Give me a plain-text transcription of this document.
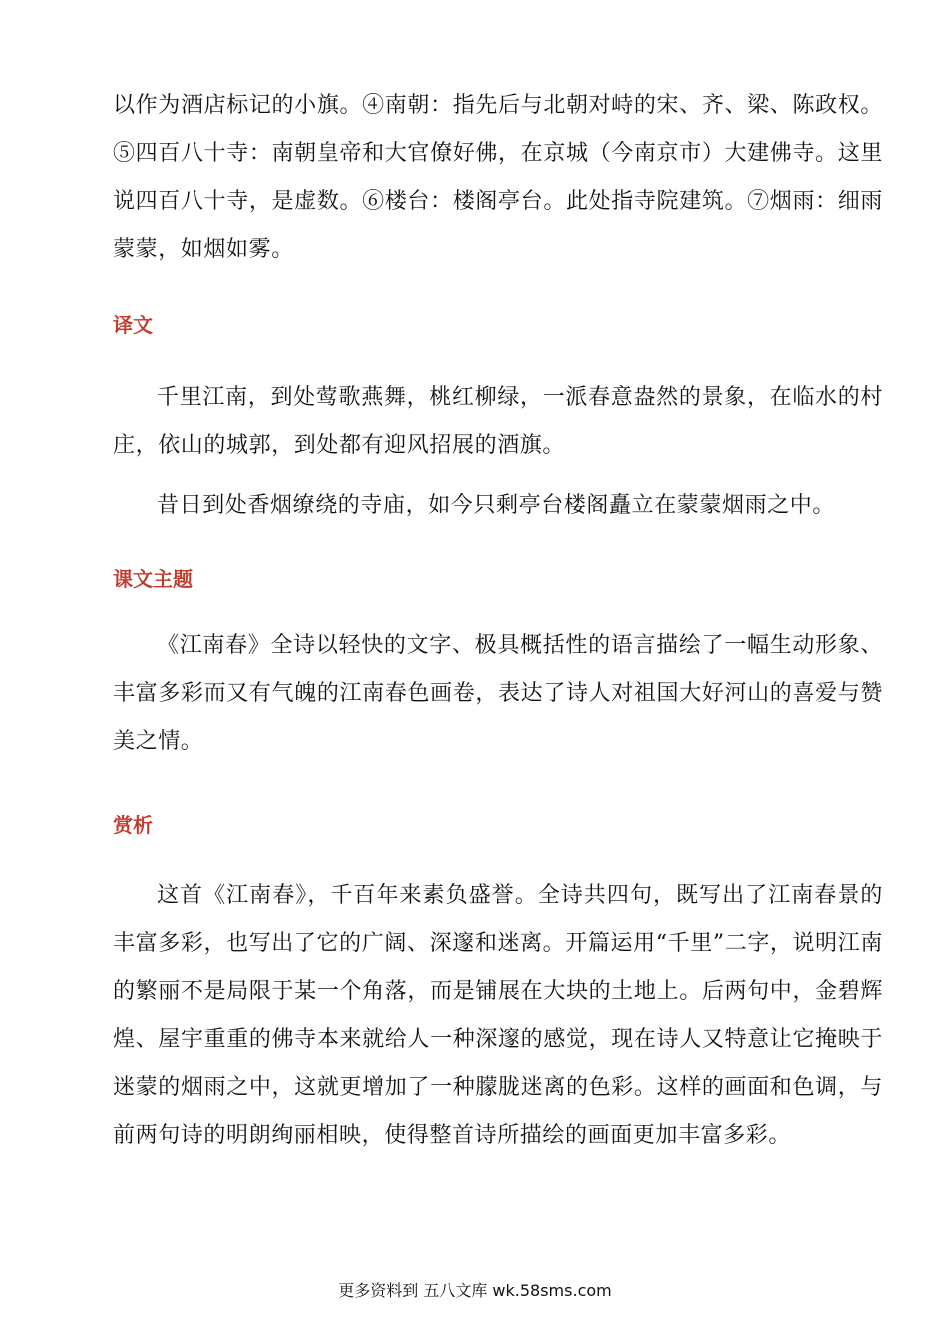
以作为酒店标记的小旗。④南朝：指先后与北朝对峙的宋、齐、梁、陈政权。⑤四百八十寺：南朝皇帝和大官僚好佛，在京城（今南京市）大建佛寺。这里说四百八十寺，是虚数。⑥楼台：楼阁亭台。此处指寺院建筑。⑦烟雨：细雨蒙蒙，如烟如雾。

译文

千里江南，到处莺歌燕舞，桃红柳绿，一派春意盎然的景象，在临水的村庄，依山的城郭，到处都有迎风招展的酒旗。

昔日到处香烟缭绕的寺庙，如今只剩亭台楼阁矗立在蒙蒙烟雨之中。

课文主题

《江南春》全诗以轻快的文字、极具概括性的语言描绘了一幅生动形象、丰富多彩而又有气魄的江南春色画卷，表达了诗人对祖国大好河山的喜爱与赞美之情。

赏析

这首《江南春》，千百年来素负盛誉。全诗共四句，既写出了江南春景的丰富多彩，也写出了它的广阔、深邃和迷离。开篇运用“千里”二字，说明江南的繁丽不是局限于某一个角落，而是铺展在大块的土地上。后两句中，金碧辉煌、屋宇重重的佛寺本来就给人一种深邃的感觉，现在诗人又特意让它掩映于迷蒙的烟雨之中，这就更增加了一种朦胧迷离的色彩。这样的画面和色调，与前两句诗的明朗绚丽相映，使得整首诗所描绘的画面更加丰富多彩。

更多资料到 五八文库 wk.58sms.com
